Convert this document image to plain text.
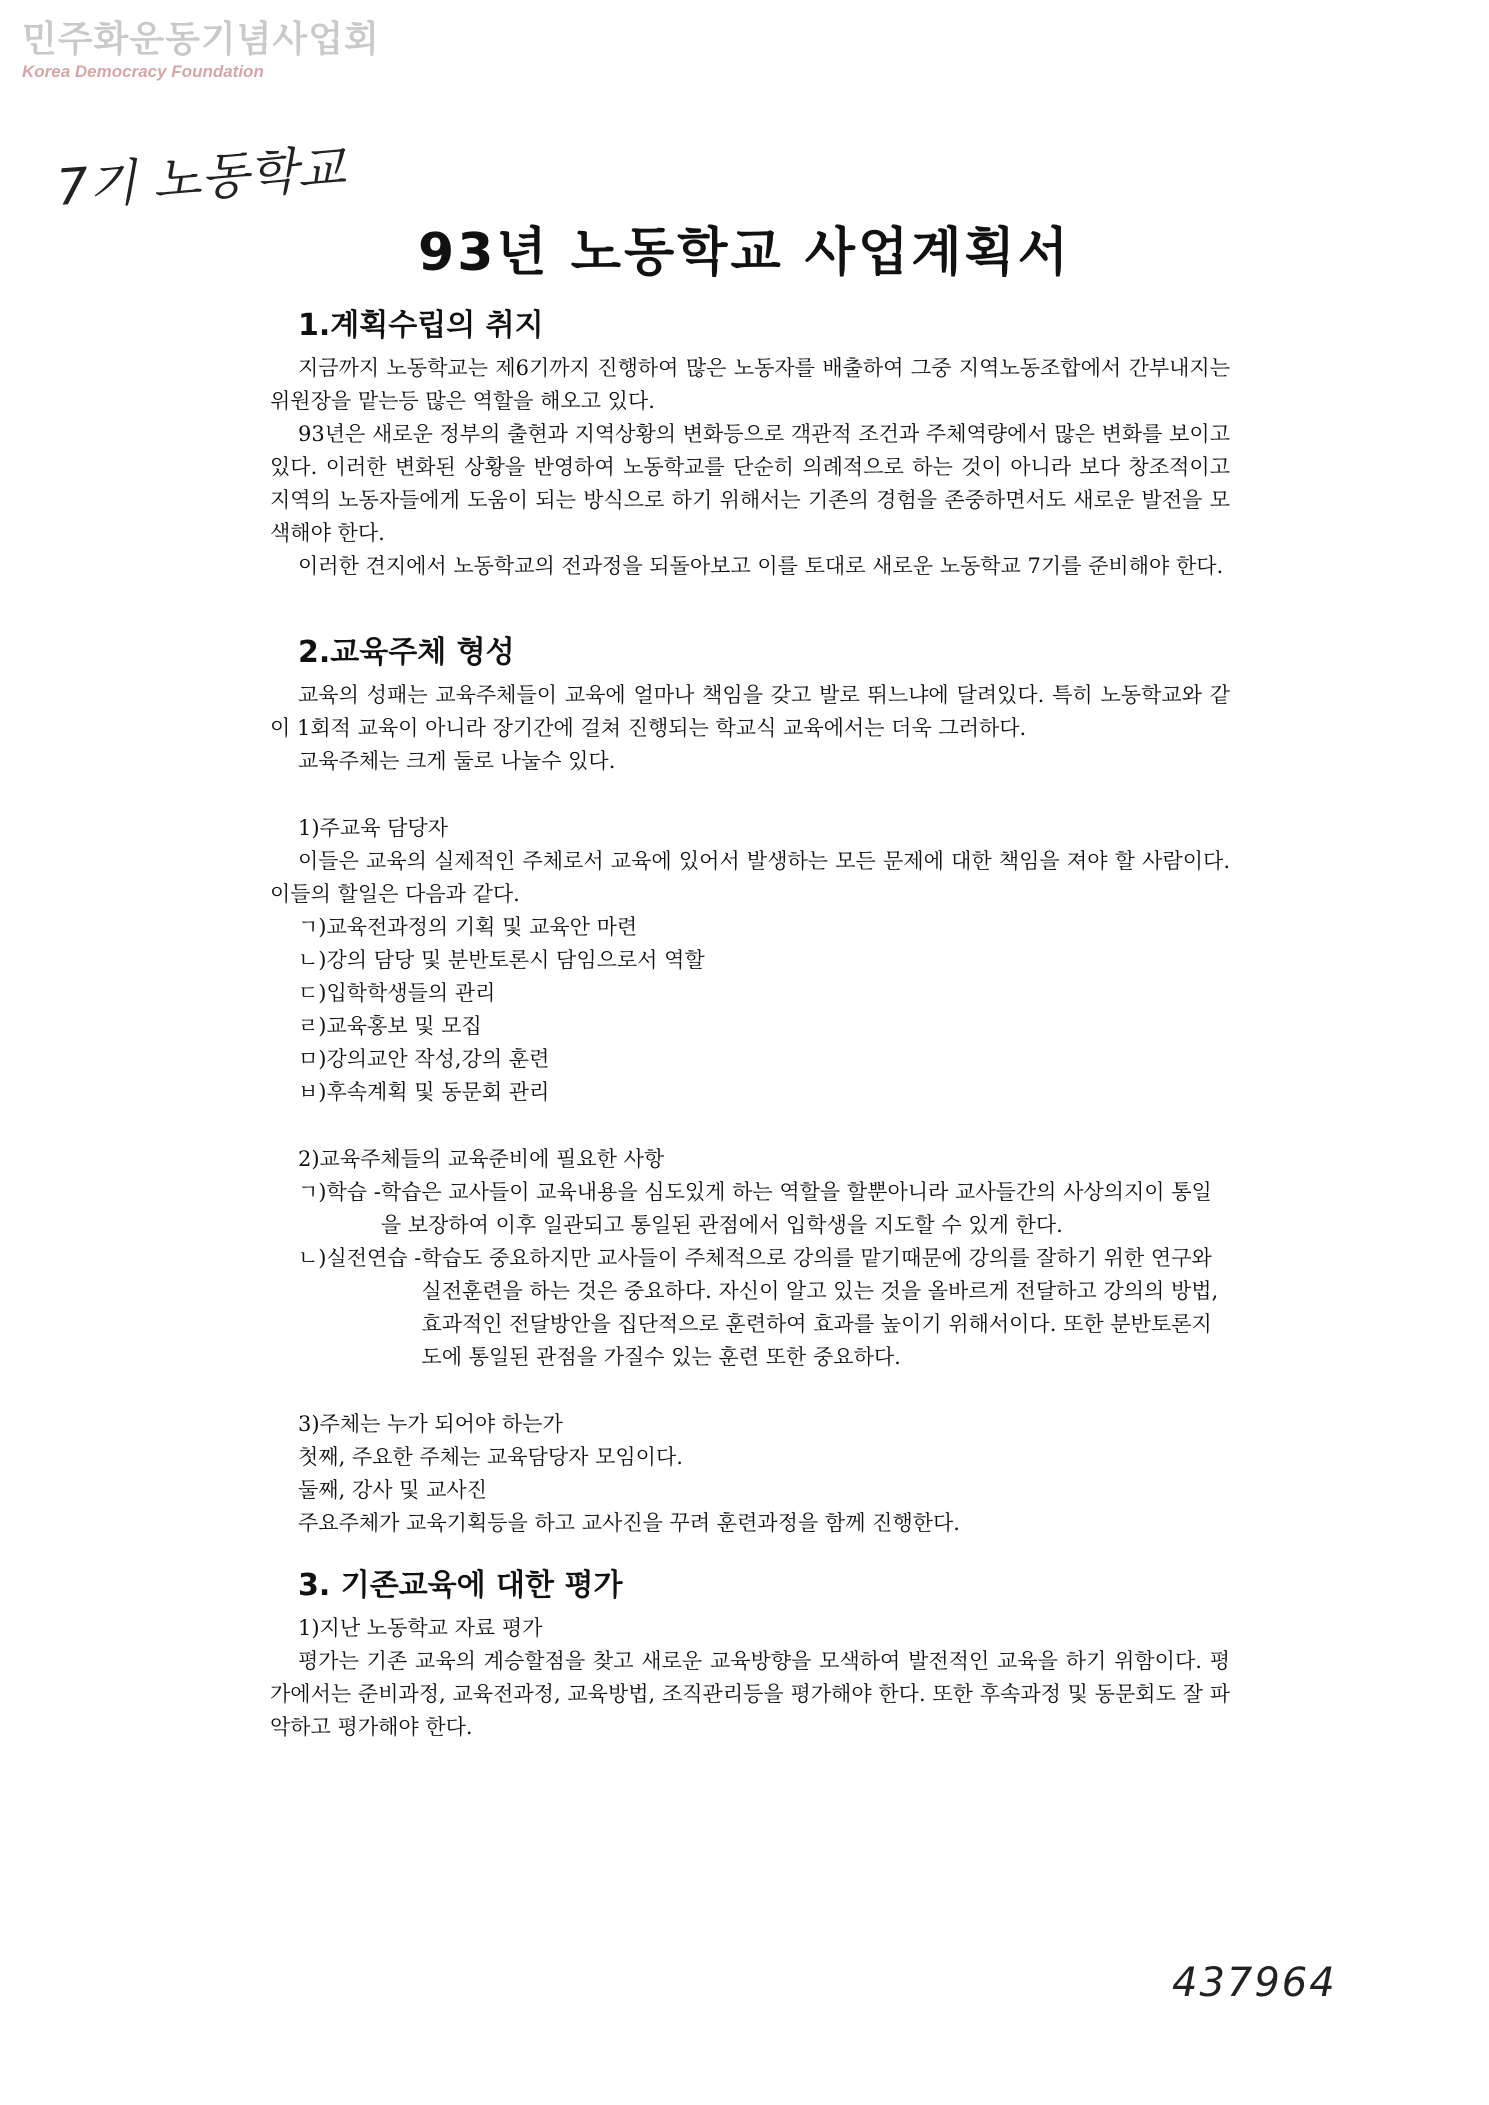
민주화운동기념사업회
Korea Democracy Foundation
7기 노동학교
93년 노동학교 사업계획서
1.계획수립의 취지

지금까지 노동학교는 제6기까지 진행하여 많은 노동자를 배출하여 그중 지역노동조합에서 간부내지는 위원장을 맡는등 많은 역할을 해오고 있다.

93년은 새로운 정부의 출현과 지역상황의 변화등으로 객관적 조건과 주체역량에서 많은 변화를 보이고 있다. 이러한 변화된 상황을 반영하여 노동학교를 단순히 의례적으로 하는 것이 아니라 보다 창조적이고 지역의 노동자들에게 도움이 되는 방식으로 하기 위해서는 기존의 경험을 존중하면서도 새로운 발전을 모색해야 한다.

이러한 견지에서 노동학교의 전과정을 되돌아보고 이를 토대로 새로운 노동학교 7기를 준비해야 한다.

2.교육주체 형성

교육의 성패는 교육주체들이 교육에 얼마나 책임을 갖고 발로 뛰느냐에 달려있다. 특히 노동학교와 같이 1회적 교육이 아니라 장기간에 걸쳐 진행되는 학교식 교육에서는 더욱 그러하다.

교육주체는 크게 둘로 나눌수 있다.

1)주교육 담당자

이들은 교육의 실제적인 주체로서 교육에 있어서 발생하는 모든 문제에 대한 책임을 져야 할 사람이다. 이들의 할일은 다음과 같다.

ㄱ)교육전과정의 기획 및 교육안 마련
ㄴ)강의 담당 및 분반토론시 담임으로서 역할
ㄷ)입학학생들의 관리
ㄹ)교육홍보 및 모집
ㅁ)강의교안 작성,강의 훈련
ㅂ)후속계획 및 동문회 관리

2)교육주체들의 교육준비에 필요한 사항

ㄱ)학습 - 학습은 교사들이 교육내용을 심도있게 하는 역할을 할뿐아니라 교사들간의 사상의지이 통일을 보장하여 이후 일관되고 통일된 관점에서 입학생을 지도할 수 있게 한다.
ㄴ)실전연습 - 학습도 중요하지만 교사들이 주체적으로 강의를 맡기때문에 강의를 잘하기 위한 연구와 실전훈련을 하는 것은 중요하다. 자신이 알고 있는 것을 올바르게 전달하고 강의의 방법, 효과적인 전달방안을 집단적으로 훈련하여 효과를 높이기 위해서이다. 또한 분반토론지도에 통일된 관점을 가질수 있는 훈련 또한 중요하다.

3)주체는 누가 되어야 하는가

첫째, 주요한 주체는 교육담당자 모임이다.

둘째, 강사 및 교사진

주요주체가 교육기획등을 하고 교사진을 꾸려 훈련과정을 함께 진행한다.

3. 기존교육에 대한 평가

1)지난 노동학교 자료 평가

평가는 기존 교육의 계승할점을 찾고 새로운 교육방향을 모색하여 발전적인 교육을 하기 위함이다. 평가에서는 준비과정, 교육전과정, 교육방법, 조직관리등을 평가해야 한다. 또한 후속과정 및 동문회도 잘 파악하고 평가해야 한다.

437964
